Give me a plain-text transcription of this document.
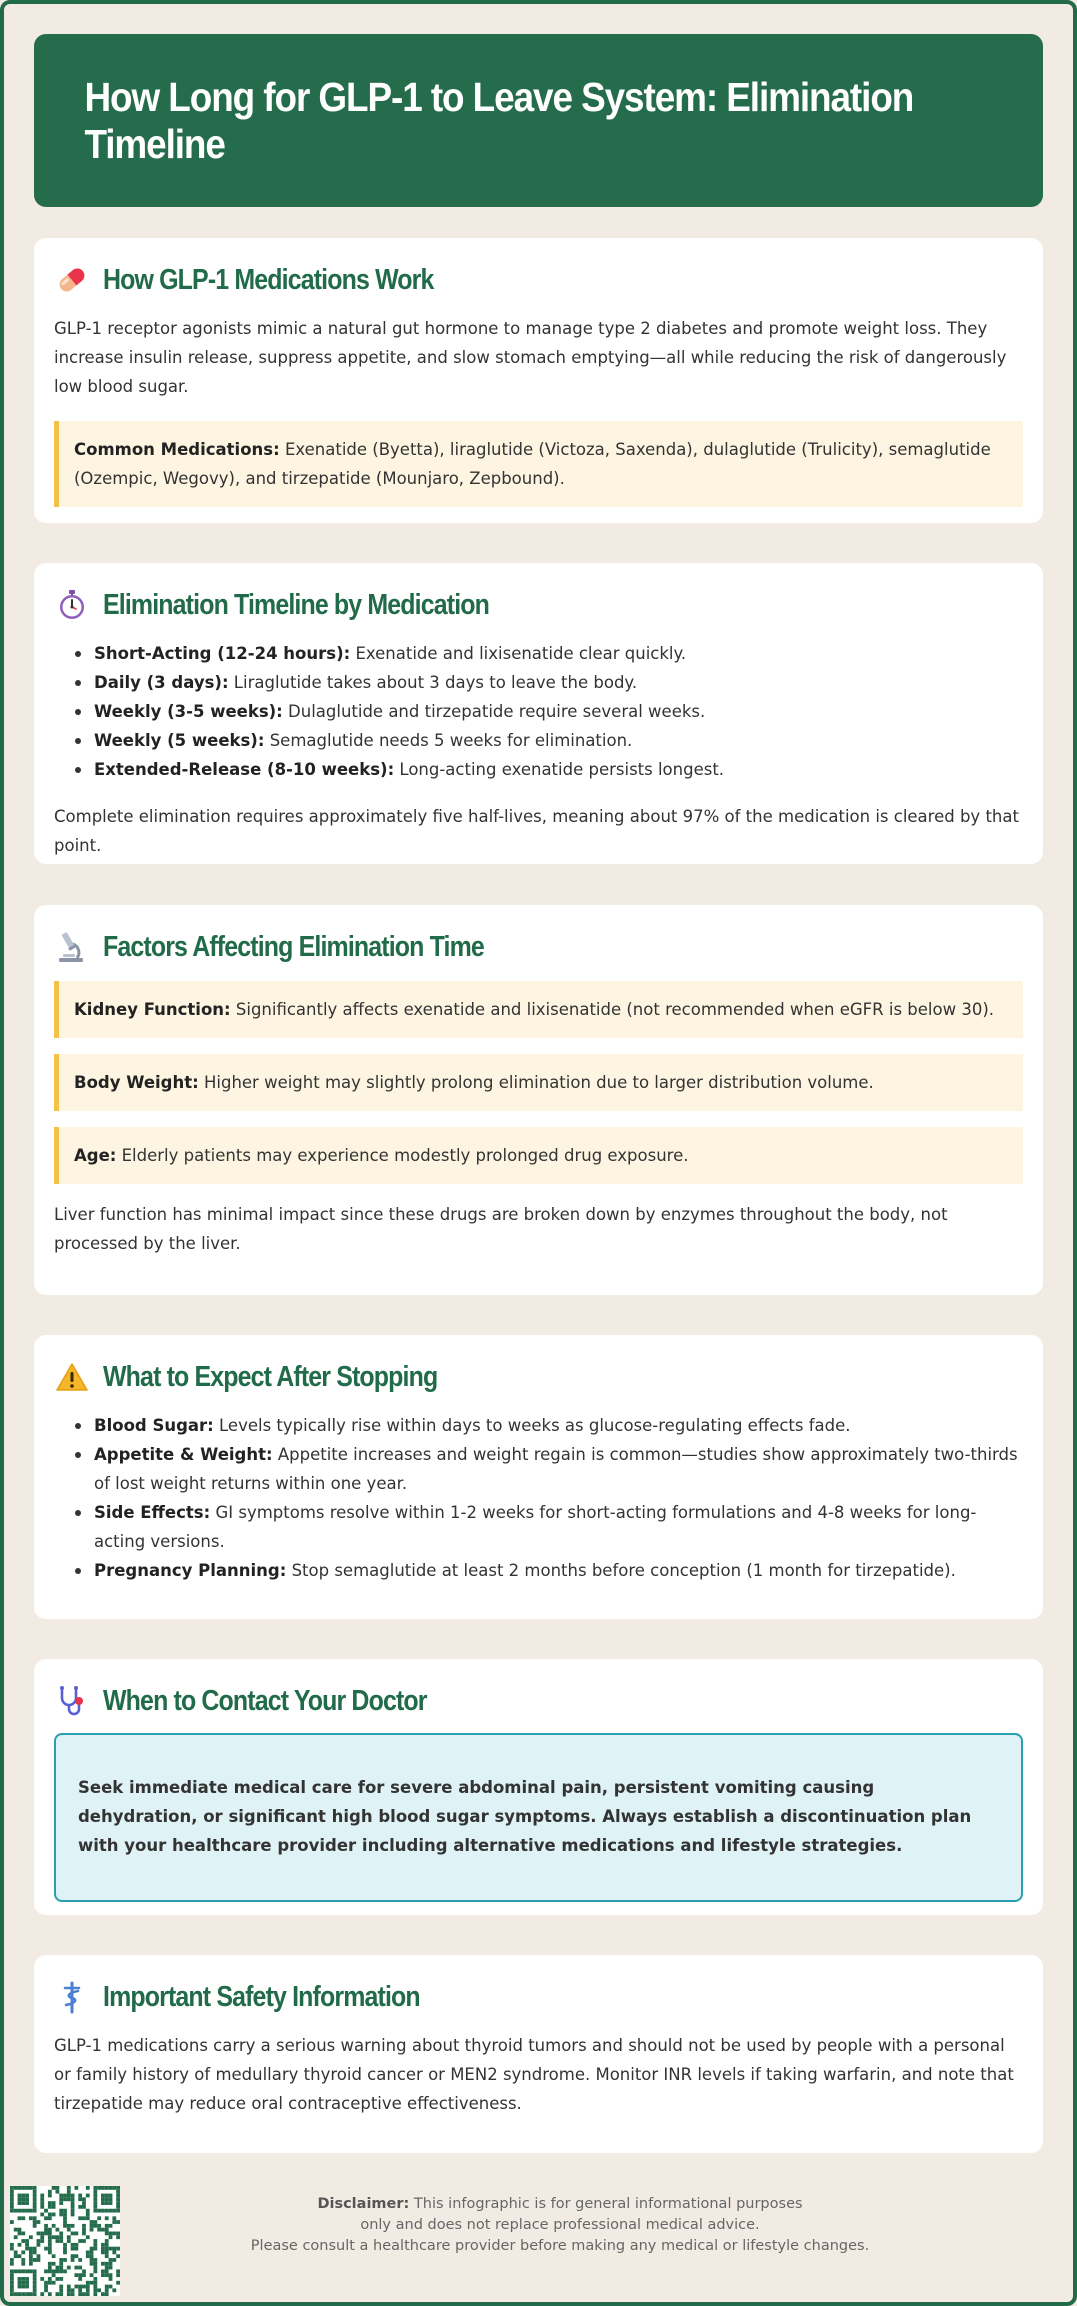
How Long for GLP-1 to Leave System: Elimination Timeline
How GLP-1 Medications Work

GLP-1 receptor agonists mimic a natural gut hormone to manage type 2 diabetes and promote weight loss. They increase insulin release, suppress appetite, and slow stomach emptying—all while reducing the risk of dangerously low blood sugar.

Common Medications: Exenatide (Byetta), liraglutide (Victoza, Saxenda), dulaglutide (Trulicity), semaglutide (Ozempic, Wegovy), and tirzepatide (Mounjaro, Zepbound).
Elimination Timeline by Medication
Short-Acting (12-24 hours): Exenatide and lixisenatide clear quickly.
Daily (3 days): Liraglutide takes about 3 days to leave the body.
Weekly (3-5 weeks): Dulaglutide and tirzepatide require several weeks.
Weekly (5 weeks): Semaglutide needs 5 weeks for elimination.
Extended-Release (8-10 weeks): Long-acting exenatide persists longest.

Complete elimination requires approximately five half-lives, meaning about 97% of the medication is cleared by that point.

Factors Affecting Elimination Time
Kidney Function: Significantly affects exenatide and lixisenatide (not recommended when eGFR is below 30).
Body Weight: Higher weight may slightly prolong elimination due to larger distribution volume.
Age: Elderly patients may experience modestly prolonged drug exposure.

Liver function has minimal impact since these drugs are broken down by enzymes throughout the body, not processed by the liver.

What to Expect After Stopping
Blood Sugar: Levels typically rise within days to weeks as glucose-regulating effects fade.
Appetite & Weight: Appetite increases and weight regain is common—studies show approximately two-thirds of lost weight returns within one year.
Side Effects: GI symptoms resolve within 1-2 weeks for short-acting formulations and 4-8 weeks for long-acting versions.
Pregnancy Planning: Stop semaglutide at least 2 months before conception (1 month for tirzepatide).
When to Contact Your Doctor
Seek immediate medical care for severe abdominal pain, persistent vomiting causing dehydration, or significant high blood sugar symptoms. Always establish a discontinuation plan with your healthcare provider including alternative medications and lifestyle strategies.
Important Safety Information

GLP-1 medications carry a serious warning about thyroid tumors and should not be used by people with a personal or family history of medullary thyroid cancer or MEN2 syndrome. Monitor INR levels if taking warfarin, and note that tirzepatide may reduce oral contraceptive effectiveness.

Disclaimer: This infographic is for general informational purposes
only and does not replace professional medical advice.
Please consult a healthcare provider before making any medical or lifestyle changes.
